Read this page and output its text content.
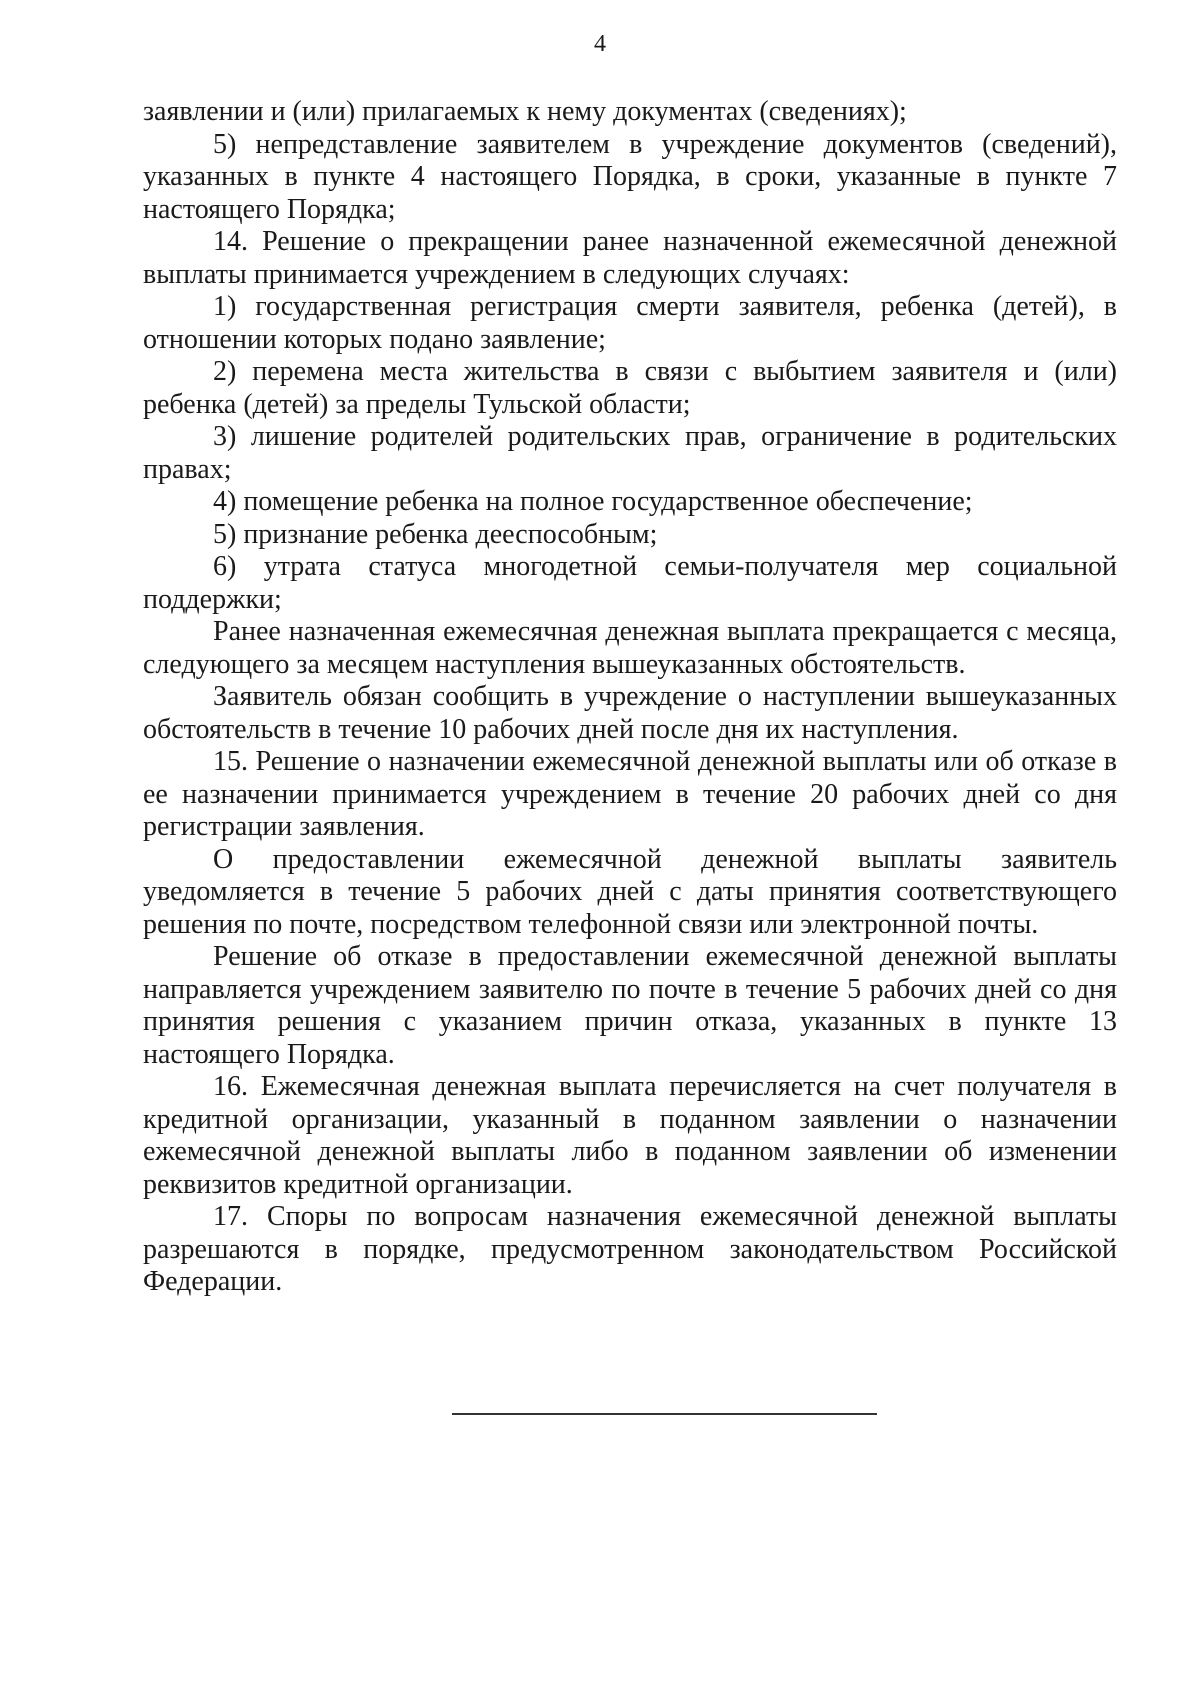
4

заявлении и (или) прилагаемых к нему документах (сведениях);

5) непредставление заявителем в учреждение документов (сведений), указанных в пункте 4 настоящего Порядка, в сроки, указанные в пункте 7 настоящего Порядка;

14. Решение о прекращении ранее назначенной ежемесячной денежной выплаты принимается учреждением в следующих случаях:

1) государственная регистрация смерти заявителя, ребенка (детей), в отношении которых подано заявление;

2) перемена места жительства в связи с выбытием заявителя и (или) ребенка (детей) за пределы Тульской области;

3) лишение родителей родительских прав, ограничение в родительских правах;

4) помещение ребенка на полное государственное обеспечение;

5) признание ребенка дееспособным;

6) утрата статуса многодетной семьи-получателя мер социальной поддержки;

Ранее назначенная ежемесячная денежная выплата прекращается с месяца, следующего за месяцем наступления вышеуказанных обстоятельств.

Заявитель обязан сообщить в учреждение о наступлении вышеуказанных обстоятельств в течение 10 рабочих дней после дня их наступления.

15. Решение о назначении ежемесячной денежной выплаты или об отказе в ее назначении принимается учреждением в течение 20 рабочих дней со дня регистрации заявления.

О предоставлении ежемесячной денежной выплаты заявитель уведомляется в течение 5 рабочих дней с даты принятия соответствующего решения по почте, посредством телефонной связи или электронной почты.

Решение об отказе в предоставлении ежемесячной денежной выплаты направляется учреждением заявителю по почте в течение 5 рабочих дней со дня принятия решения с указанием причин отказа, указанных в пункте 13 настоящего Порядка.

16. Ежемесячная денежная выплата перечисляется на счет получателя в кредитной организации, указанный в поданном заявлении о назначении ежемесячной денежной выплаты либо в поданном заявлении об изменении реквизитов кредитной организации.

17. Споры по вопросам назначения ежемесячной денежной выплаты разрешаются в порядке, предусмотренном законодательством Российской Федерации.
